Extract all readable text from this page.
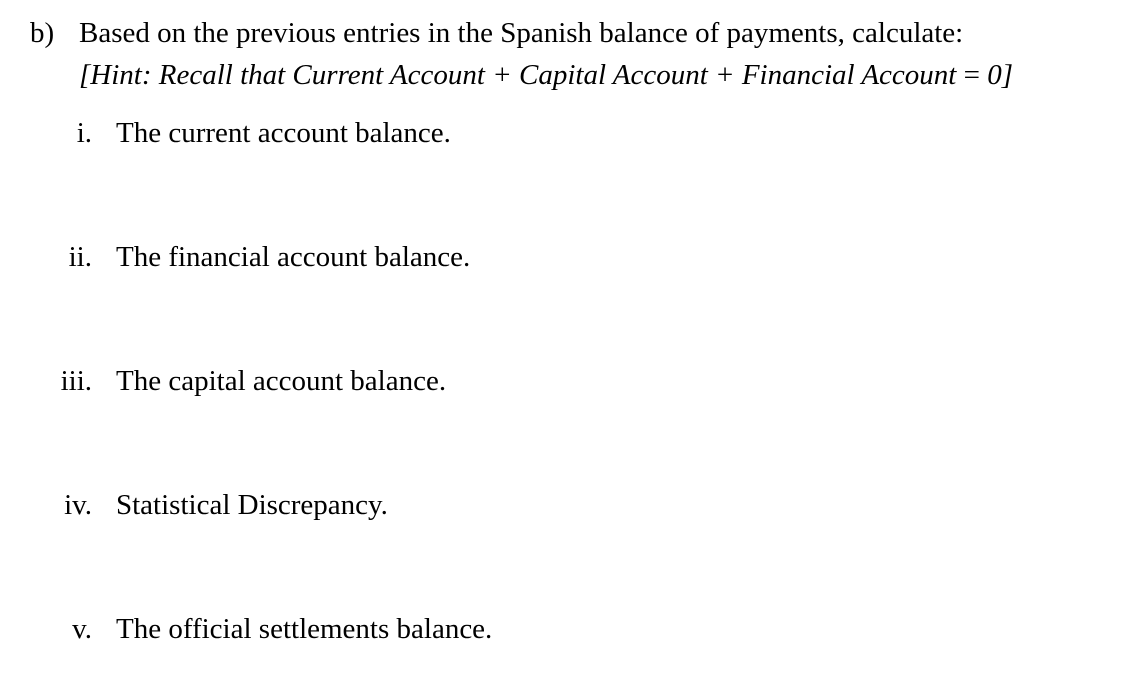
b) Based on the previous entries in the Spanish balance of payments, calculate:
[Hint: Recall that Current Account + Capital Account + Financial Account = 0]
i. The current account balance.
ii. The financial account balance.
iii. The capital account balance.
iv. Statistical Discrepancy.
v. The official settlements balance.
